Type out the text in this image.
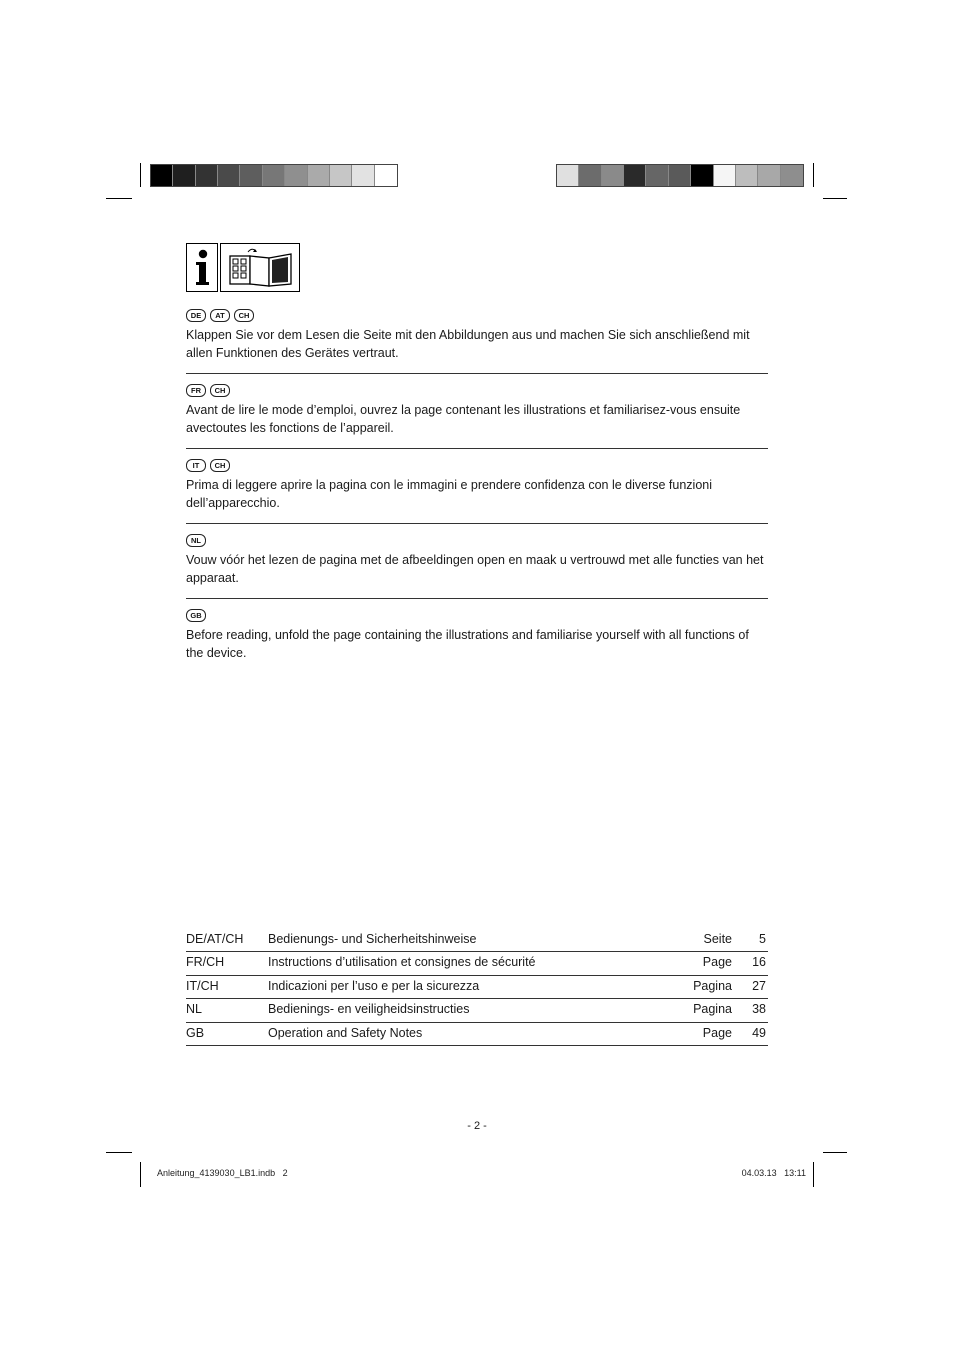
DE	AT	CH
Klappen Sie vor dem Lesen die Seite mit den Abbildungen aus und machen Sie sich anschließend mit allen Funktionen des Gerätes vertraut.
FR	CH
Avant de lire le mode d’emploi, ouvrez la page contenant les illustrations et familiarisez-vous ensuite avectoutes les fonctions de l’appareil.
IT	CH
Prima di leggere aprire la pagina con le immagini e prendere confidenza con le diverse funzioni dell’apparecchio.
NL
Vouw vóór het lezen de pagina met de afbeeldingen open en maak u vertrouwd met alle functies van het apparaat.
GB
Before reading, unfold the page containing the illustrations and familiarise yourself with all functions of the device.
DE/AT/CH Bedienungs- und Sicherheitshinweise	Seite 5
FR/CH	Instructions d’utilisation et consignes de sécurité	Page 16
IT/CH	Indicazioni per l’uso e per la sicurezza	Pagina 27
NL	Bedienings- en veiligheidsinstructies	Pagina 38
GB	Operation and Safety Notes	Page 49
- 2 -
Anleitung_4139030_LB1.indb   2	04.03.13   13:11
